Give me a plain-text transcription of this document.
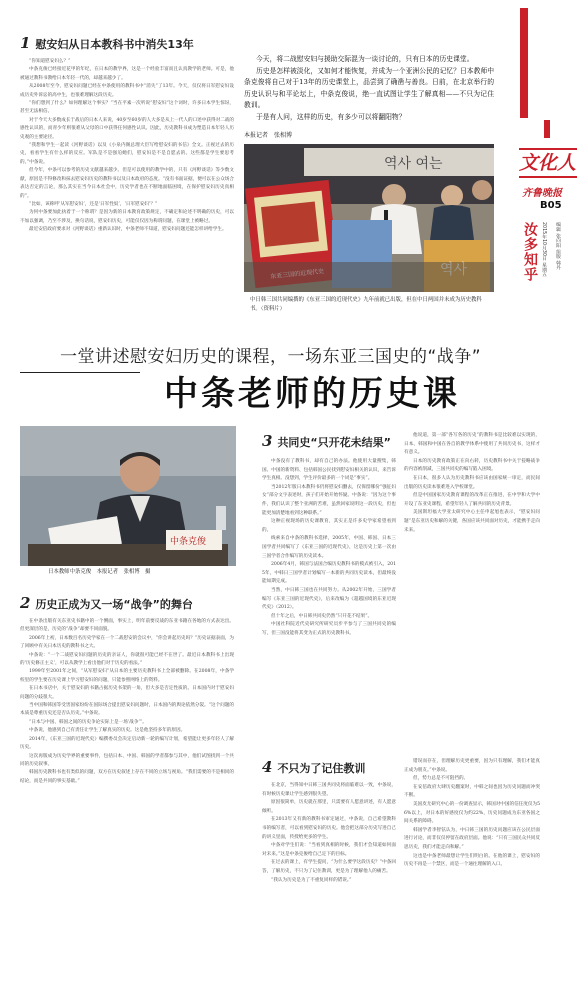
1 慰安妇从日本教科书中消失13年

“你知道慰安妇么？”

中条克俊已经接近花甲的年纪，在日本的教学界，这是一个经验丰富而且认真教学的老师。可是，他被通过教科书教给日本年轻一代的，却越来越少了。

从2008年至今，慰安妇问题已经在中条使用的教科书中“消失”了13年。今天，仅仅将日军慰安妇设成历史外诉讼的高中生，也很难理解这段历史。

“你们想到了什么？如何理解这个事实？”当在平素一次听说“慰安妇”这个词时，许多日本学生惊讶，甚至无法相信。

对于今天大多数成长于战后的日本人来说，40岁至60岁的人大多是从上一代人的口述中获得对二战的感性认识的，而青少年则很难从父母的口中获得任何感性认识。因此，历史教科书成为塑造日本年轻人历史观的主要途径。

“我想和学生一起读《河野谈话》以及《小泉内阁总理大臣写给慰安妇的书信》全文。正视过去的历史，看看学生有什么样的反应。军队是不是强迫她们，慰安妇是不是自愿去的。这些都是学生要思考的。”中条说。

但今年，中条可以参考的历史文献越来越少。但是可以使用的教学中的，只有《河野谈话》等少数文献，原因是不得修改和抹去慰安妇历史的教科书以及日本政府的态度。“没有书面证据，便可以在公众场合表达否定的言论，那么其实在当今日本社会中，历史学者也在不断地面临困境，在保护慰安妇历史真相的”。

“比如，该称呼‘从军慰安妇’，还是‘日军性奴’，‘日军慰安妇’？”

为何中条要加此执着于一个称谓？是因为新的日本教育政策规定，不确定和论述不明确的历史，可以不加以强调，乃至不涉及，换句话说，慰安妇历史，可能仅仅因为称谓问题，在课堂上被略过。

最近安倍政府要求对《河野谈话》重新认识时，中条老师不知道，慰安妇问题还能怎样讲给学生。

今天，将二战慰安妇与援助交际混为一谈讨论的，只有日本的历史课堂。

历史是怎样被淡化，又如何才能恢复，并成为一个亚洲公民的记忆？日本教师中条克俊将自己对于13年的历史课堂上，品尝到了确凿与善良。日前，在北京举行的历史认识与和平论坛上，中条克俊说，绝一直试图让学生了解真相——不只为记住教训。

于是有人问，这样的历史，有多少可以将翻阳物？

本报记者　 张相博
역사 여는
中日韩三国共同编撰的《东亚三国的近现代史》九年前就已出版，但在中日两国并未成为历史教科书。（资料片）
一堂讲述慰安妇历史的课程，一场东亚三国史的“战争”
中条老师的历史课
中条克俊
日本教师中条克俊　本报记者　张相博　摄
2 历史正成为又一场“战争”的舞台

在中条出版有关东亚史书籍中的一个侧面，事实上，明年前要反战的东亚书籍在各地的方式表达出。但更深层的是，历史的“战争”却要不同面貌。

2006年上初，日本数百名历史学家在一个二战慰安的会议中，“你会讲起历史吗？”历史证据表面，为了回顾中有关日本历史的教科书之大。

中条说：“一个二战慰安妇问题的历史的亲证人，你就很可能已经不在世了。最近日本教科书上出现的‘历史修正主义’，可以从教学上看出他们对于历史的看法。”

1999年至2001年之间，“从军慰安妇”从日本的主要历史教科书上全部被删除。在2008年，中条学校里的学生要在历史课上学习慰安妇的问题，只能参照网络上的资料。

在日本书店中，关于慰安妇的书籍占据历史书架的一角，但大多是否定性质的。日本国内对于慰安妇问题的分歧很大。

当中国和韩国等受害国家纷纷在国际场合提出慰安妇问题时，日本国内的舆论依然分裂。“这个问题的本质是尊重历史还是否认历史。”中条说。

“日本与中国、韩国之间的历史争论实际上是一场‘战争’”。

中条说，他感到自己有责任让学生了解真实的历史。这是他坚持多年的原因。

2014年，《东亚三国的近现代史》编撰委员会决定启动新一轮的编写计划，希望能让更多年轻人了解历史。

这次再版成为历史学界的重要事件，包括日本、中国、韩国的学者都参与其中，他们试图找到一个共同的历史叙事。

韩国历史教科书也有类似的问题，双方在历史叙述上存在不同的立场与视角。“我们需要的不是相同的结论，而是共同的事实基础。”

3 共同史“只开花未结果”

中条没有了教科书，却有自己的办法。他使用大量搜集，韩国、中国的新资料、包括韩国公民找到慰安妇相关的认识，来告诉学生真相。没想到，学生评价最多的一个词是“事实”。

当2012年版日本教科书仍将慰安妇删去，仅保留哪份“强征妇女”部分文字表述时，孩子们开始开始怀疑。中条说：“因为这个事件，我们认识了整个亚洲的苦难，虽然回家说明这一段历史，但也能更加清楚地看到这种联系。”

这种正视现场的历史课教育，其实正是许多史学家希望看到的。

线索来自中条的教科书选择，2005年，中国、韩国、日本三国学者共同编写了《东亚三国的近现代史》，这是历史上第一次由三国学者合作编写的历史读本。

2006年4月，韩国与法国合编历史教科书的模式被引入，2015年，中韩日三国学者计划编写一本新的共同历史读本，但最终没能如期完成。

当然，中日韩三国也在共同努力。从2002年开始，三国学者编写《东亚三国的近现代史》，后来改编为《超越国境的东亚近现代史》（2012）。

但十年之后，中日韩共同史仍然“只开花不结果”。

中国社科院近代史研究所研究员步平参与了三国共同史的编写，但三国没能将其变为正式的历史教科书。

他说道，第一部“各写各的历史”的教科书是比较难以实现的，日本、韩国和中国在各自的教学体系中使用了共同历史书，这样才有意义。

日本的历史教育政策正在向右转，历史教科书中关于侵略战争的内容被削减，三国共同史的编写陷入困境。

在日本，很多人认为历史教科书应该由国家统一审定，而民间出版的历史读本很难进入学校课堂。

但是中国国家历史教育课程的改革正在推进，在中学和大学中开设了东亚史课程，希望年轻人了解共同的历史背景。

美国斯坦福大学亚太研究中心主任申起旭也表示，“慰安妇问题”是东亚历史和解的关键，各国应该共同面对历史，才能携手走向未来。

4 不只为了记住教训

在北京，当得知中日韩三国共同史将面临难以一致，中条说，有时候历史课让学生感到很失望。

原因很简单，历史就在那里，只需要有人愿意讲述，有人愿意倾听。

在2013年又有新的教科书审定通过，中条说，自己希望教科书的编写者，可以看到慰安妇的历史。他会把这部分历史写进自己的讲义里面，传授给更多的学生。

中条对学生们说：“当看到真相的时候，我们才会知道如何面对未来。”这是中条克俊给自己定下的目标。

在过去的课上，有学生提问，“为什么要学这段历史？”中条回答，了解历史，不只为了记住教训，更是为了理解他人的痛苦。

“我认为历史是为了不重复同样的错误。”

错误而存在，但理解历史更重要，因为只有理解，我们才能真正成为朋友。”中条说。

但，势力总是不可阻挡的。

在安倍政府大肆历史翻案时，中韩之间也因为历史问题而冲突不断。

美国皮尤研究中心的一份调查显示，韩国对中国的信任度仅为56%以上，对日本的好感度仅为约22%，历史问题成为东亚各国之间关系的障碍。

韩国学者李智铉认为，中日韩三国的历史问题应该在公民层面进行讨论，而非仅仅停留在政府层面。他说：“只有三国民众共同反思历史，我们才能走向和解。”

这也是中条老师最想让学生们明白的。在他的课上，慰安妇的历史不再是一个禁区，而是一个通往理解的入口。

文化人
齐鲁晚报
B05
编辑 张向阳 组版 韩丹
2015年10月30日 星期五
汝多知乎
